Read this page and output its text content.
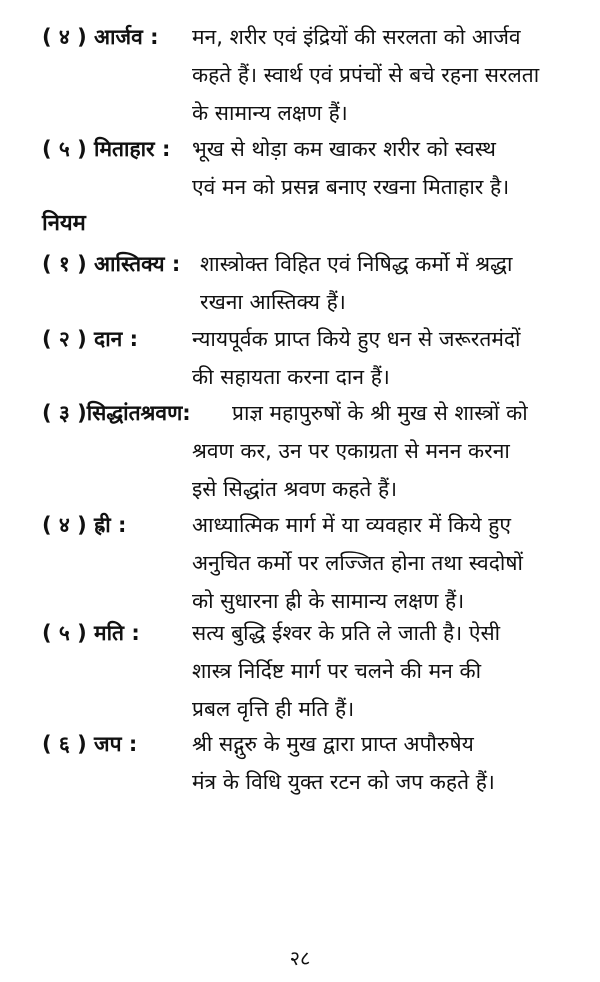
( ४ ) आर्जव :	मन, शरीर एवं इंद्रियों की सरलता को आर्जव
कहते हैं। स्वार्थ एवं प्रपंचों से बचे रहना सरलता
के सामान्य लक्षण हैं।
( ५ ) मिताहार :	भूख से थोड़ा कम खाकर शरीर को स्वस्थ
एवं मन को प्रसन्न बनाए रखना मिताहार है।
नियम
( १ ) आस्तिक्य : शास्त्रोक्त विहित एवं निषिद्ध कर्मो में श्रद्धा
रखना आस्तिक्य हैं।
( २ ) दान :	न्यायपूर्वक प्राप्त किये हुए धन से जरूरतमंदों
की सहायता करना दान हैं।
( ३ )सिद्धांतश्रवण:	प्राज्ञ महापुरुषों के श्री मुख से शास्त्रों को
श्रवण कर, उन पर एकाग्रता से मनन करना
इसे सिद्धांत श्रवण कहते हैं।
( ४ ) ह्री :	आध्यात्मिक मार्ग में या व्यवहार में किये हुए
अनुचित कर्मो पर लज्जित होना तथा स्वदोषों
को सुधारना ह्री के सामान्य लक्षण हैं।
( ५ ) मति :	सत्य बुद्धि ईश्वर के प्रति ले जाती है। ऐसी
शास्त्र निर्दिष्ट मार्ग पर चलने की मन की
प्रबल वृत्ति ही मति हैं।
( ६ ) जप :	श्री सद्गुरु के मुख द्वारा प्राप्त अपौरुषेय
मंत्र के विधि युक्त रटन को जप कहते हैं।
२८
